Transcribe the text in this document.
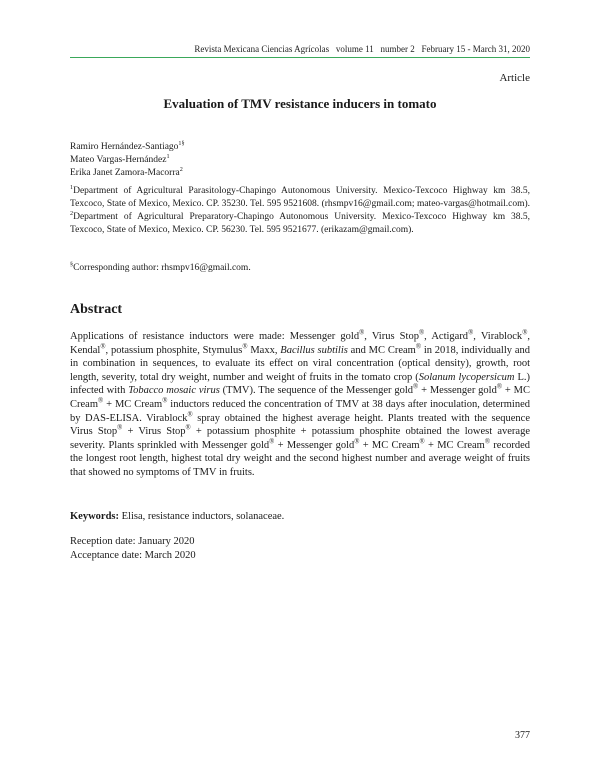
Revista Mexicana Ciencias Agrícolas volume 11 number 2 February 15 - March 31, 2020
Article
Evaluation of TMV resistance inducers in tomato
Ramiro Hernández-Santiago$^{1\S}$
Mateo Vargas-Hernández$^1$
Erika Janet Zamora-Macorra$^2$
$^1$Department of Agricultural Parasitology-Chapingo Autonomous University. Mexico-Texcoco Highway km 38.5, Texcoco, State of Mexico, Mexico. CP. 35230. Tel. 595 9521608. (rhsmpv16@gmail.com; mateo-vargas@hotmail.com). $^2$Department of Agricultural Preparatory-Chapingo Autonomous University. Mexico-Texcoco Highway km 38.5, Texcoco, State of Mexico, Mexico. CP. 56230. Tel. 595 9521677. (erikazam@gmail.com).
§Corresponding author: rhsmpv16@gmail.com.
Abstract
Applications of resistance inductors were made: Messenger gold®, Virus Stop®, Actigard®, Virablock®, Kendal®, potassium phosphite, Stymulus® Maxx, Bacillus subtilis and MC Cream® in 2018, individually and in combination in sequences, to evaluate its effect on viral concentration (optical density), growth, root length, severity, total dry weight, number and weight of fruits in the tomato crop (Solanum lycopersicum L.) infected with Tobacco mosaic virus (TMV). The sequence of the Messenger gold® + Messenger gold® + MC Cream® + MC Cream® inductors reduced the concentration of TMV at 38 days after inoculation, determined by DAS-ELISA. Virablock® spray obtained the highest average height. Plants treated with the sequence Virus Stop® + Virus Stop® + potassium phosphite + potassium phosphite obtained the lowest average severity. Plants sprinkled with Messenger gold® + Messenger gold® + MC Cream® + MC Cream® recorded the longest root length, highest total dry weight and the second highest number and average weight of fruits that showed no symptoms of TMV in fruits.
Keywords: Elisa, resistance inductors, solanaceae.
Reception date: January 2020
Acceptance date: March 2020
377
